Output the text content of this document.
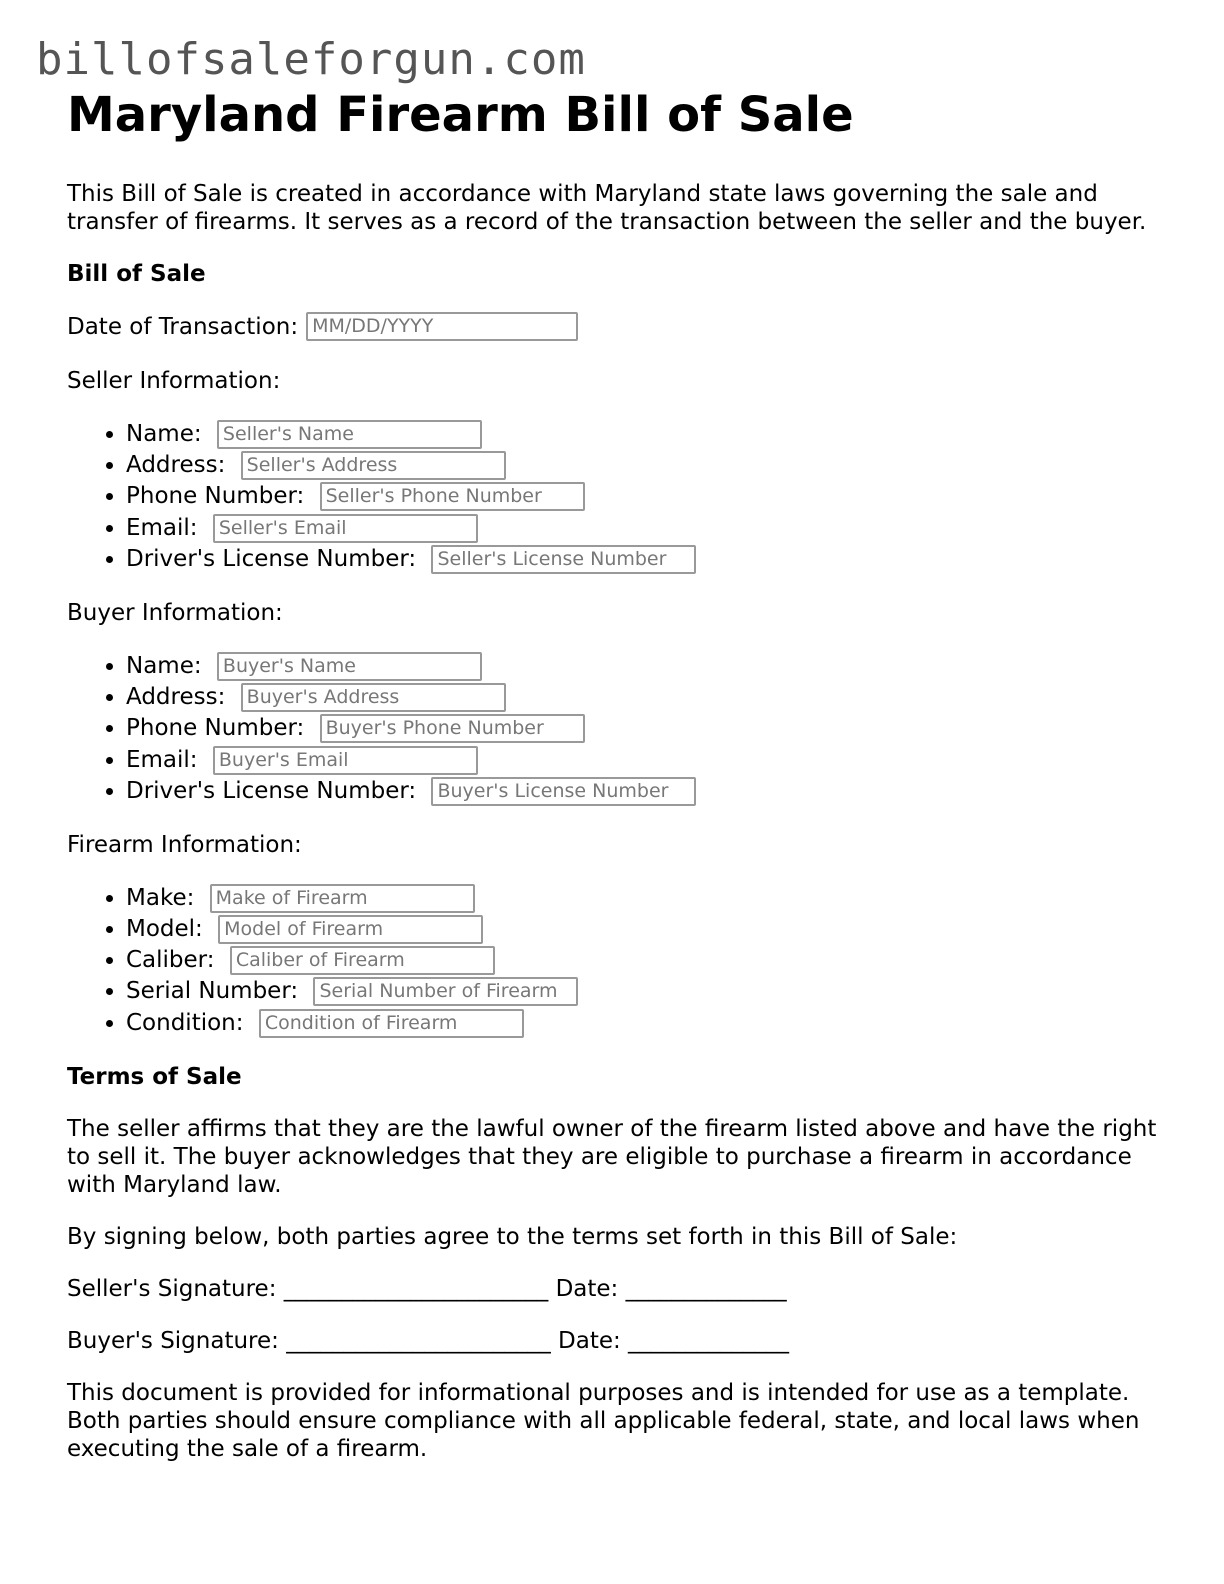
billofsaleforgun.com
Maryland Firearm Bill of Sale

This Bill of Sale is created in accordance with Maryland state laws governing the sale and transfer of firearms. It serves as a record of the transaction between the seller and the buyer.

Bill of Sale
Date of Transaction: MM/DD/YYYY
Seller Information:
• Name: Seller's Name
• Address: Seller's Address
• Phone Number: Seller's Phone Number
• Email: Seller's Email
• Driver's License Number: Seller's License Number
Buyer Information:
• Name: Buyer's Name
• Address: Buyer's Address
• Phone Number: Buyer's Phone Number
• Email: Buyer's Email
• Driver's License Number: Buyer's License Number
Firearm Information:
• Make: Make of Firearm
• Model: Model of Firearm
• Caliber: Caliber of Firearm
• Serial Number: Serial Number of Firearm
• Condition: Condition of Firearm
Terms of Sale

The seller affirms that they are the lawful owner of the firearm listed above and have the right to sell it. The buyer acknowledges that they are eligible to purchase a firearm in accordance with Maryland law.

By signing below, both parties agree to the terms set forth in this Bill of Sale:

Seller's Signature: _______________________ Date: ______________
Buyer's Signature: _______________________ Date: ______________

This document is provided for informational purposes and is intended for use as a template. Both parties should ensure compliance with all applicable federal, state, and local laws when executing the sale of a firearm.
